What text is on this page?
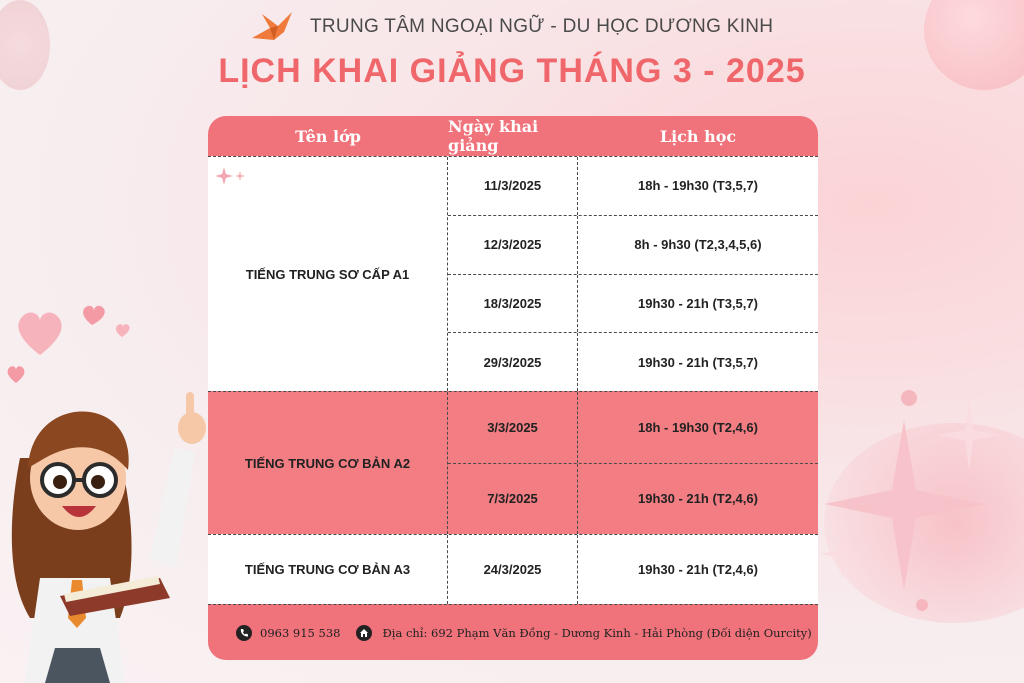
TRUNG TÂM NGOẠI NGỮ - DU HỌC DƯƠNG KINH
LỊCH KHAI GIẢNG THÁNG 3 - 2025
Tên lớp	Ngày khai giảng	Lịch học
TIẾNG TRUNG SƠ CẤP A1
11/3/2025	18h - 19h30 (T3,5,7)
12/3/2025	8h - 9h30 (T2,3,4,5,6)
18/3/2025	19h30 - 21h (T3,5,7)
29/3/2025	19h30 - 21h (T3,5,7)
TIẾNG TRUNG CƠ BẢN A2
3/3/2025	18h - 19h30 (T2,4,6)
7/3/2025	19h30 - 21h (T2,4,6)
TIẾNG TRUNG CƠ BẢN A3	24/3/2025	19h30 - 21h (T2,4,6)
0963 915 538	Địa chỉ: 692 Phạm Văn Đồng - Dương Kinh - Hải Phòng (Đối diện Ourcity)
